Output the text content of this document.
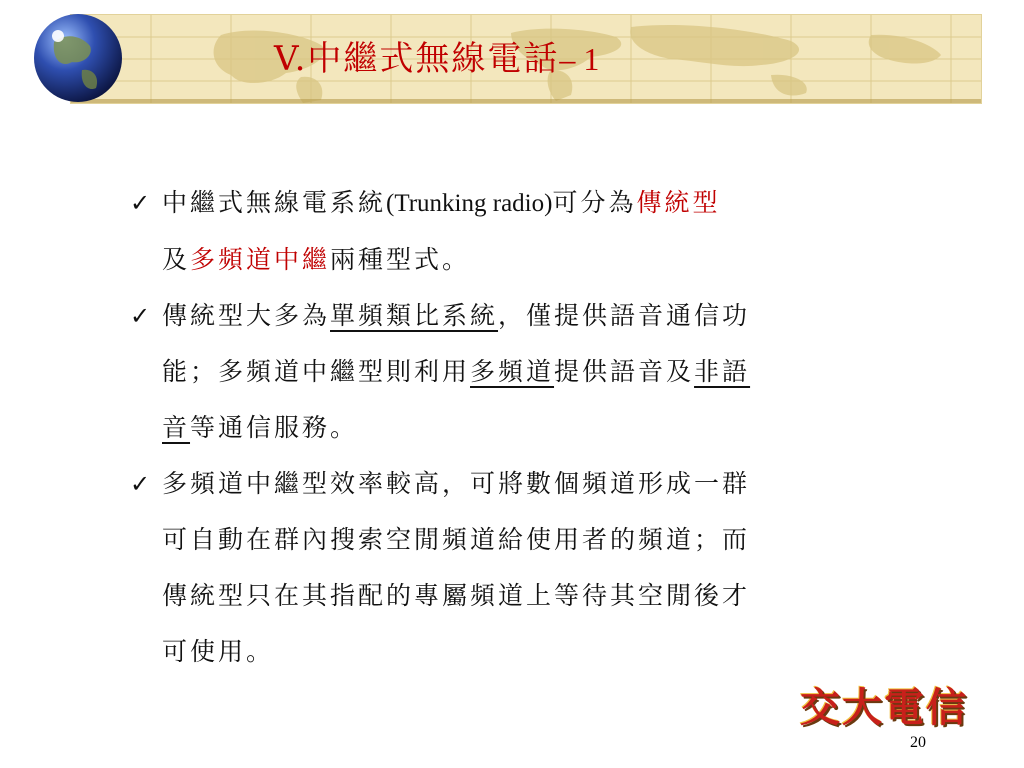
V.中繼式無線電話– 1
✓ 中繼式無線電系統(Trunking radio)可分為傳統型
及多頻道中繼兩種型式。
✓ 傳統型大多為單頻類比系統，僅提供語音通信功
能；多頻道中繼型則利用多頻道提供語音及非語
音等通信服務。
✓ 多頻道中繼型效率較高，可將數個頻道形成一群
可自動在群內搜索空閒頻道給使用者的頻道；而
傳統型只在其指配的專屬頻道上等待其空閒後才
可使用。
交大電信
20
